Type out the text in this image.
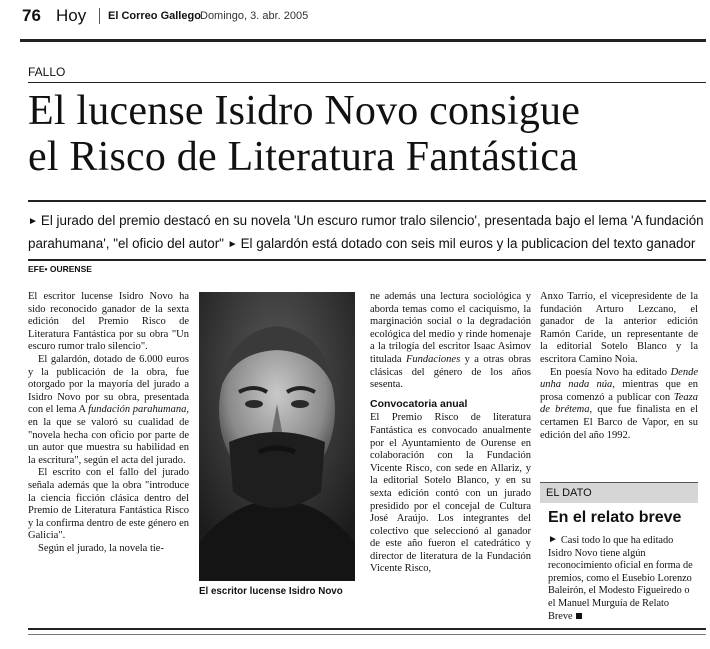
76 Hoy El Correo Gallego Domingo, 3. abr. 2005
FALLO
El lucense Isidro Novo consigue
el Risco de Literatura Fantástica
► El jurado del premio destacó en su novela 'Un escuro rumor tralo silencio', presentada bajo el lema 'A fundación
parahumana', "el oficio del autor" ► El galardón está dotado con seis mil euros y la publicacion del texto ganador
EFE• OURENSE

El escritor lucense Isidro Novo ha sido reconocido ganador de la sexta edición del Premio Risco de Literatura Fantástica por su obra "Un escuro rumor tralo silencio".

El galardón, dotado de 6.000 euros y la publicación de la obra, fue otorgado por la mayoría del jurado a Isidro Novo por su obra, presentada con el lema A fundación parahumana, en la que se valoró su cualidad de "novela hecha con oficio por parte de un autor que muestra su habilidad en la escritura", según el acta del jurado.

El escrito con el fallo del jurado señala además que la obra "introduce la ciencia ficción clásica dentro del Premio de Literatura Fantástica Risco y la confirma dentro de este género en Galicia".

Según el jurado, la novela tie-

El escritor lucense Isidro Novo

ne además una lectura sociológica y aborda temas como el caciquismo, la marginación social o la degradación ecológica del medio y rinde homenaje a la trilogía del escritor Isaac Asimov titulada Fundaciones y a otras obras clásicas del género de los años sesenta.

Convocatoria anual

El Premio Risco de literatura Fantástica es convocado anualmente por el Ayuntamiento de Ourense en colaboración con la Fundación Vicente Risco, con sede en Allariz, y la editorial Sotelo Blanco, y en su sexta edición contó con un jurado presidido por el concejal de Cultura José Araújo. Los integrantes del colectivo que seleccionó al ganador de este año fueron el catedrático y director de literatura de la Fundación Vicente Risco,

Anxo Tarrío, el vicepresidente de la fundación Arturo Lezcano, el ganador de la anterior edición Ramón Caride, un representante de la editorial Sotelo Blanco y la escritora Camino Noia.

En poesía Novo ha editado Dende unha nada núa, mientras que en prosa comenzó a publicar con Teaza de brétema, que fue finalista en el certamen El Barco de Vapor, en su edición del año 1992.

EL DATO
En el relato breve
► Casi todo lo que ha editado Isidro Novo tiene algún reconocimiento oficial en forma de premios, como el Eusebio Lorenzo Baleirón, el Modesto Figueiredo o el Manuel Murguía de Relato Breve
